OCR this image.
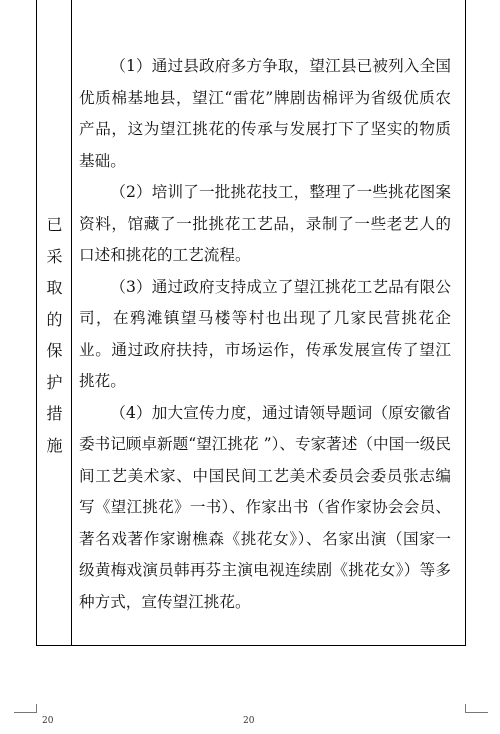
已
采
取
的
保
护
措
施

（1）通过县政府多方争取，望江县已被列入全国优质棉基地县，望江“雷花”牌剧齿棉评为省级优质农产品，这为望江挑花的传承与发展打下了坚实的物质基础。

（2）培训了一批挑花技工，整理了一些挑花图案资料，馆藏了一批挑花工艺品，录制了一些老艺人的口述和挑花的工艺流程。

（3）通过政府支持成立了望江挑花工艺品有限公司，在鸦滩镇望马楼等村也出现了几家民营挑花企业。通过政府扶持，市场运作，传承发展宣传了望江挑花。

（4）加大宣传力度，通过请领导题词（原安徽省委书记顾卓新题“望江挑花 ”）、专家著述（中国一级民间工艺美术家、中国民间工艺美术委员会委员张志编写《望江挑花》一书）、作家出书（省作家协会会员、著名戏著作家谢樵森《挑花女》）、名家出演（国家一级黄梅戏演员韩再芬主演电视连续剧《挑花女》）等多种方式，宣传望江挑花。

20	20
